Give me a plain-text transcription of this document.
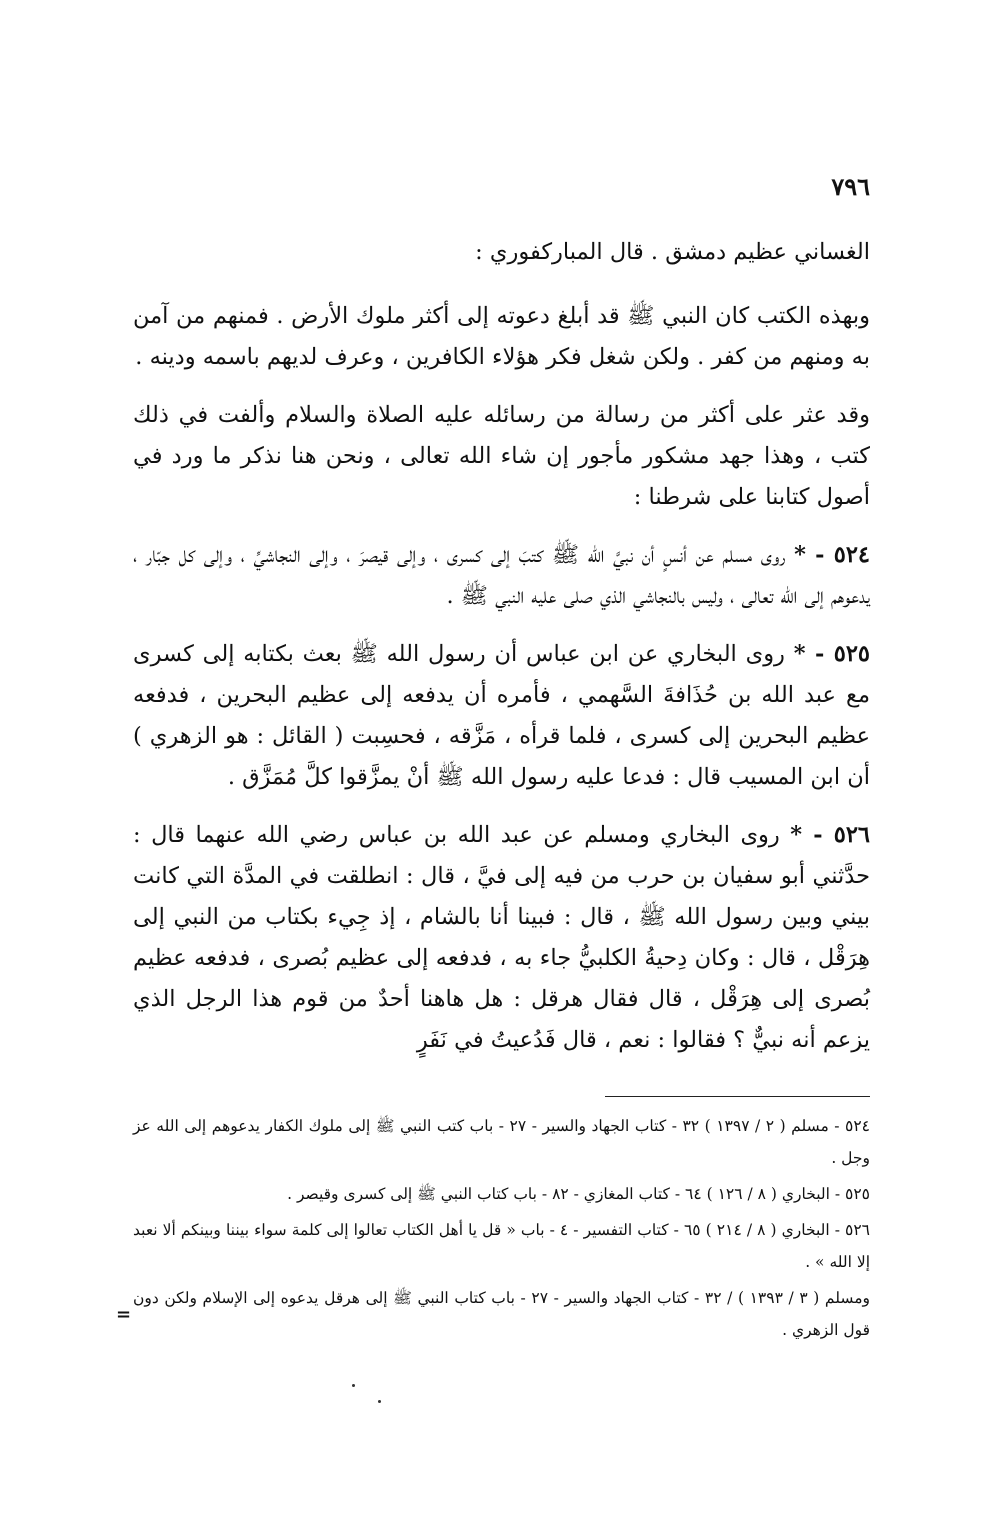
٧٩٦

الغساني عظيم دمشق . قال المباركفوري :

وبهذه الكتب كان النبي ﷺ قد أبلغ دعوته إلى أكثر ملوك الأرض . فمنهم من آمن به ومنهم من كفر . ولكن شغل فكر هؤلاء الكافرين ، وعرف لديهم باسمه ودينه .

وقد عثر على أكثر من رسالة من رسائله عليه الصلاة والسلام وألفت في ذلك كتب ، وهذا جهد مشكور مأجور إن شاء الله تعالى ، ونحن هنا نذكر ما ورد في أصول كتابنا على شرطنا :

٥٢٤ - * روى مسلم عن أنسٍ أن نبيَّ الله ﷺ كتبَ إلى كسرى ، وإلى قيصرَ ، وإلى النجاشيِّ ، وإلى كل جبّار ، يدعوهم إلى الله تعالى ، وليس بالنجاشي الذي صلى عليه النبي ﷺ .

٥٢٥ - * روى البخاري عن ابن عباس أن رسول الله ﷺ بعث بكتابه إلى كسرى مع عبد الله بن حُذَافةَ السَّهمي ، فأمره أن يدفعه إلى عظيم البحرين ، فدفعه عظيم البحرين إلى كسرى ، فلما قرأه ، مَزَّقه ، فحسِبت ( القائل : هو الزهري ) أن ابن المسيب قال : فدعا عليه رسول الله ﷺ أنْ يمزَّقوا كلَّ مُمَزَّق .

٥٢٦ - * روى البخاري ومسلم عن عبد الله بن عباس رضي الله عنهما قال : حدَّثني أبو سفيان بن حرب من فيه إلى فيَّ ، قال : انطلقت في المدَّة التي كانت بيني وبين رسول الله ﷺ ، قال : فبينا أنا بالشام ، إذ جِيء بكتاب من النبي إلى هِرَقْل ، قال : وكان دِحيةُ الكلبيُّ جاء به ، فدفعه إلى عظيم بُصرى ، فدفعه عظيم بُصرى إلى هِرَقْل ، قال فقال هرقل : هل هاهنا أحدٌ من قوم هذا الرجل الذي يزعم أنه نبيٌّ ؟ فقالوا : نعم ، قال فَدُعيتُ في نَفَرٍ

٥٢٤ - مسلم ( ٢ / ١٣٩٧ ) ٣٢ - كتاب الجهاد والسير - ٢٧ - باب كتب النبي ﷺ إلى ملوك الكفار يدعوهم إلى الله عز وجل .

٥٢٥ - البخاري ( ٨ / ١٢٦ ) ٦٤ - كتاب المغازي - ٨٢ - باب كتاب النبي ﷺ إلى كسرى وقيصر .

٥٢٦ - البخاري ( ٨ / ٢١٤ ) ٦٥ - كتاب التفسير - ٤ - باب « قل يا أهل الكتاب تعالوا إلى كلمة سواء بيننا وبينكم ألا نعبد إلا الله » .

ومسلم ( ٣ / ١٣٩٣ ) / ٣٢ - كتاب الجهاد والسير - ٢٧ - باب كتاب النبي ﷺ إلى هرقل يدعوه إلى الإسلام ولكن دون قول الزهري .

=
